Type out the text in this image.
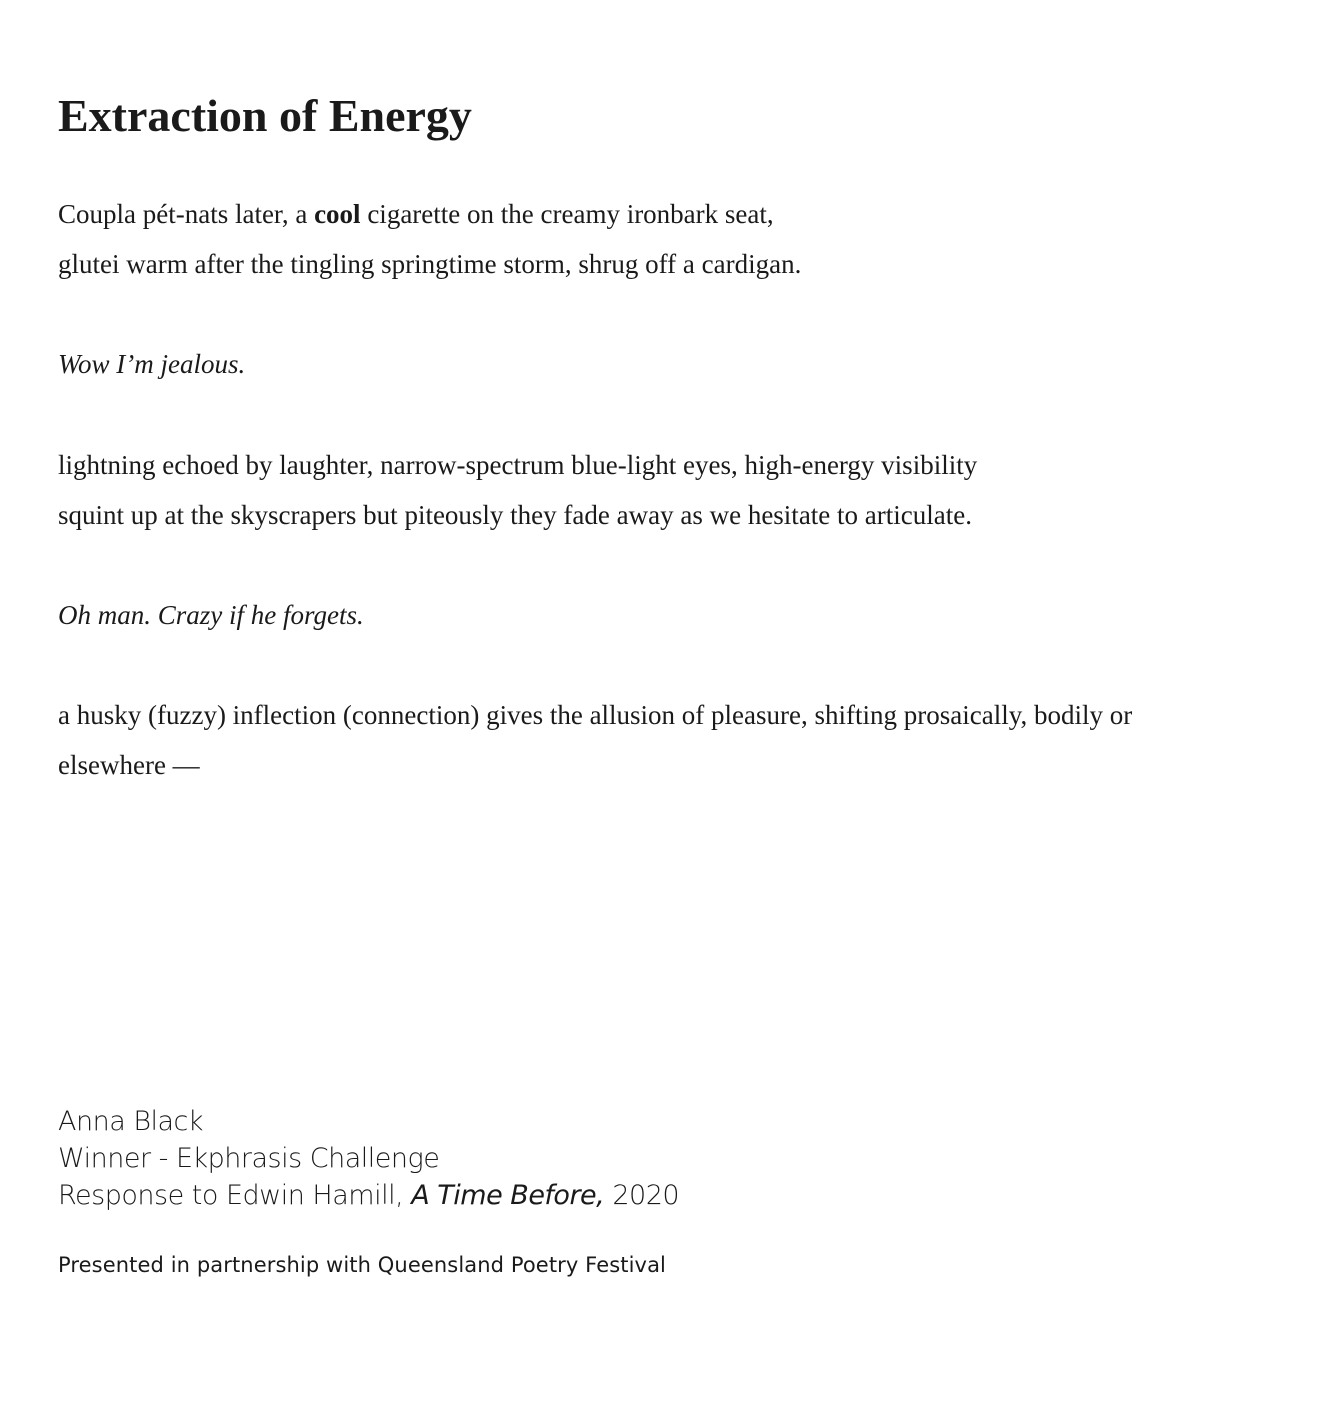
Extraction of Energy
Coupla pét-nats later, a cool cigarette on the creamy ironbark seat,
glutei warm after the tingling springtime storm, shrug off a cardigan.
Wow I’m jealous.
lightning echoed by laughter, narrow-spectrum blue-light eyes, high-energy visibility
squint up at the skyscrapers but piteously they fade away as we hesitate to articulate.
Oh man. Crazy if he forgets.
a husky (fuzzy) inflection (connection) gives the allusion of pleasure, shifting prosaically, bodily or
elsewhere —
Anna Black
Winner - Ekphrasis Challenge
Response to Edwin Hamill, A Time Before, 2020
Presented in partnership with Queensland Poetry Festival
